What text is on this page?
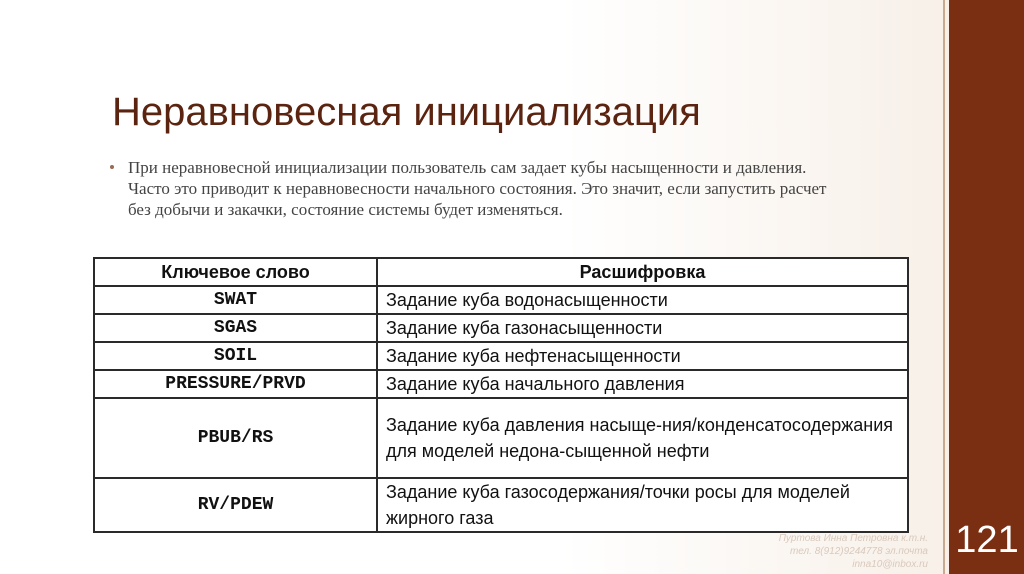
121
Неравновесная инициализация
При неравновесной инициализации пользователь сам задает кубы насыщенности и давления. Часто это приводит к неравновесности начального состояния. Это значит, если запустить расчет без добычи и закачки, состояние системы будет изменяться.
Ключевое слово	Расшифровка
SWAT	Задание куба водонасыщенности
SGAS	Задание куба газонасыщенности
SOIL	Задание куба нефтенасыщенности
PRESSURE/PRVD	Задание куба начального давления
PBUB/RS	Задание куба давления насыще-ния/конденсатосодержания для моделей недона-сыщенной нефти
RV/PDEW	Задание куба газосодержания/точки росы для моделей жирного газа
Пуртова Инна Петровна к.т.н.
тел. 8(912)9244778 эл.почта
inna10@inbox.ru
